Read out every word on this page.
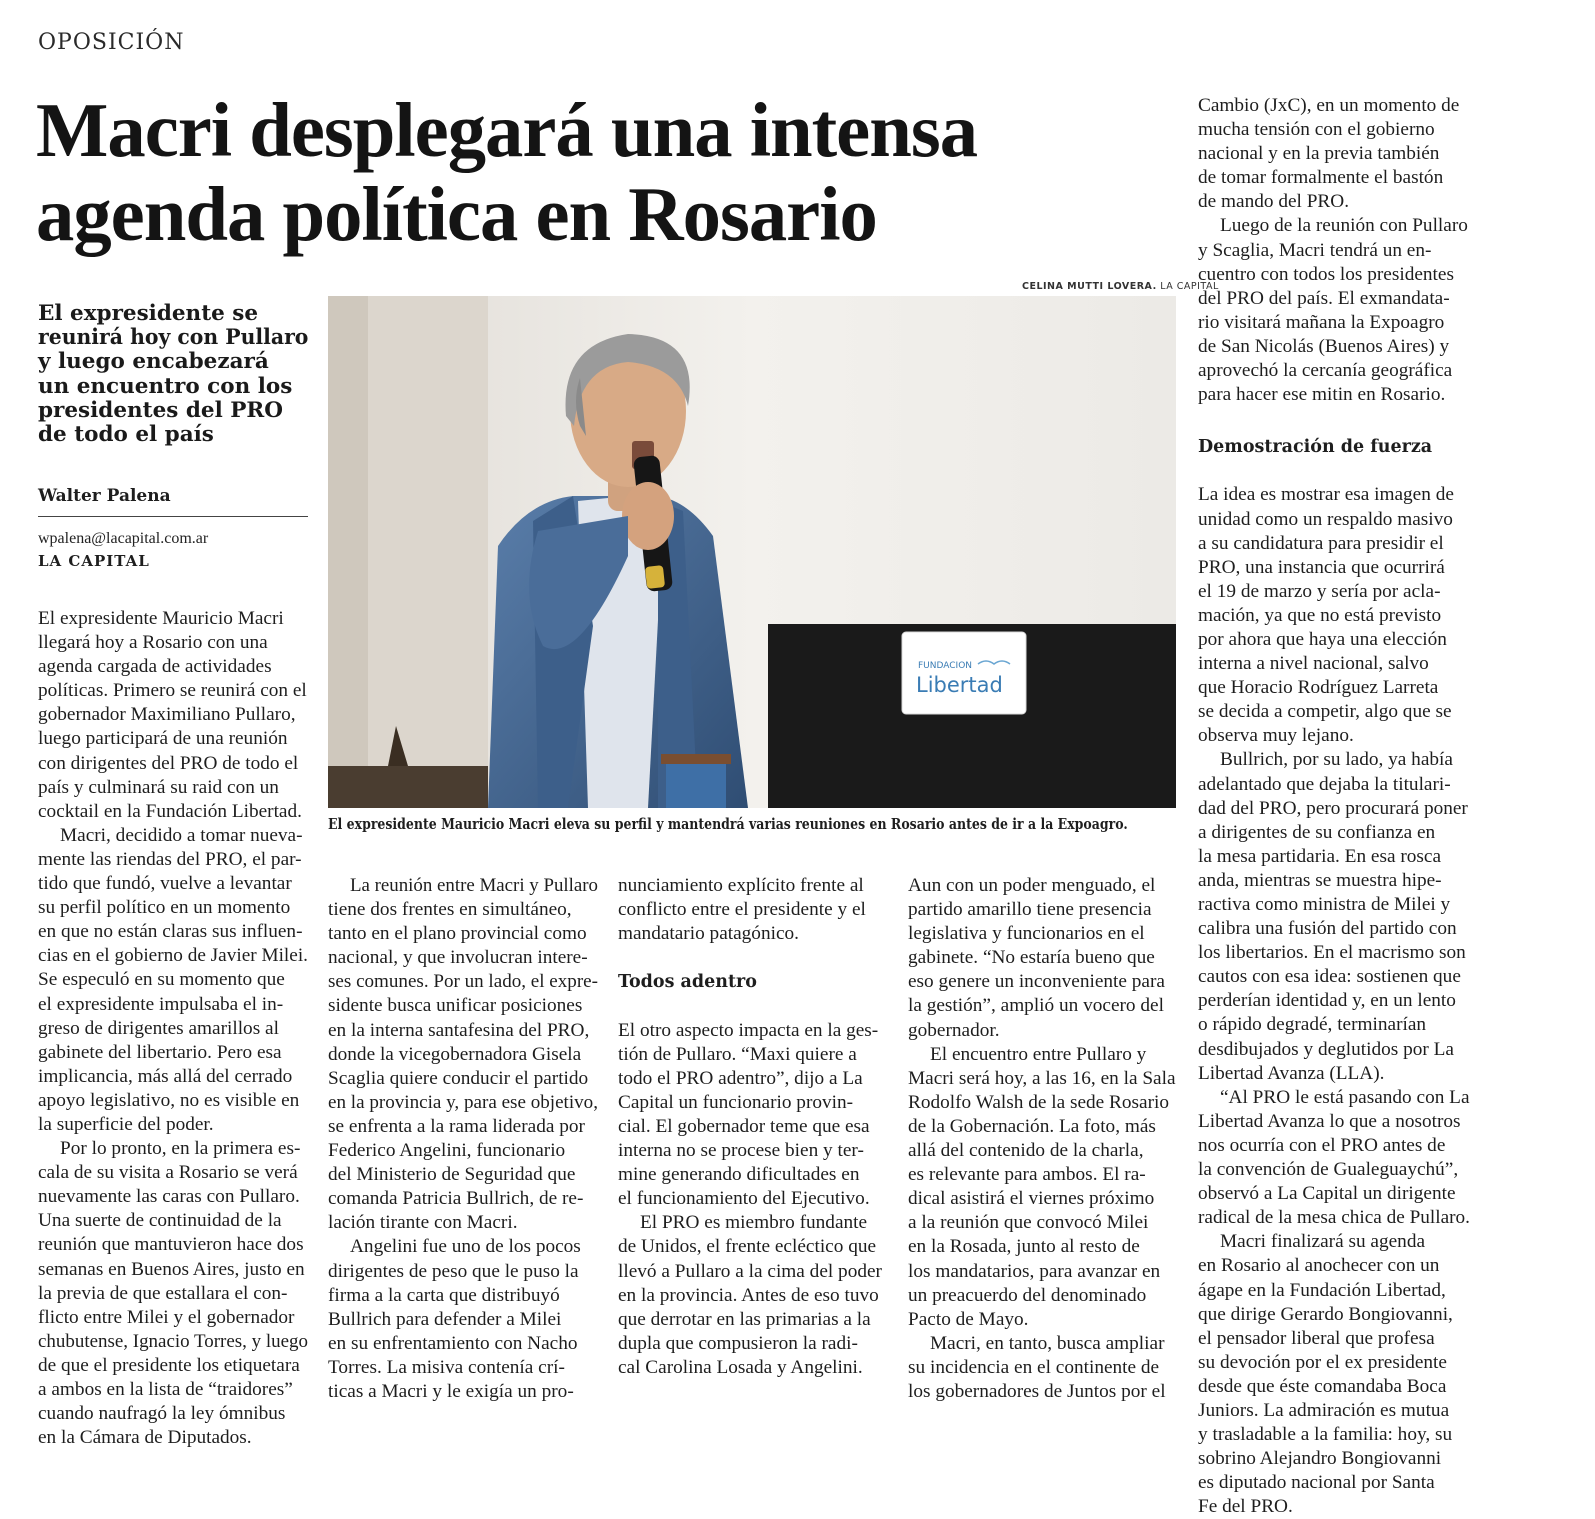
OPOSICIÓN
Macri desplegará una intensa
agenda política en Rosario
El expresidente se
reunirá hoy con Pullaro
y luego encabezará
un encuentro con los
presidentes del PRO
de todo el país
Walter Palena
wpalena@lacapital.com.ar
LA CAPITAL
CELINA MUTTI LOVERA. LA CAPITAL
FUNDACION
Libertad
El expresidente Mauricio Macri eleva su perfil y mantendrá varias reuniones en Rosario antes de ir a la Expoagro.
El expresidente Mauricio Macri
llegará hoy a Rosario con una
agenda cargada de actividades
políticas. Primero se reunirá con el
gobernador Maximiliano Pullaro,
luego participará de una reunión
con dirigentes del PRO de todo el
país y culminará su raid con un
cocktail en la Fundación Libertad.
Macri, decidido a tomar nueva-
mente las riendas del PRO, el par-
tido que fundó, vuelve a levantar
su perfil político en un momento
en que no están claras sus influen-
cias en el gobierno de Javier Milei.
Se especuló en su momento que
el expresidente impulsaba el in-
greso de dirigentes amarillos al
gabinete del libertario. Pero esa
implicancia, más allá del cerrado
apoyo legislativo, no es visible en
la superficie del poder.
Por lo pronto, en la primera es-
cala de su visita a Rosario se verá
nuevamente las caras con Pullaro.
Una suerte de continuidad de la
reunión que mantuvieron hace dos
semanas en Buenos Aires, justo en
la previa de que estallara el con-
flicto entre Milei y el gobernador
chubutense, Ignacio Torres, y luego
de que el presidente los etiquetara
a ambos en la lista de “traidores”
cuando naufragó la ley ómnibus
en la Cámara de Diputados.
La reunión entre Macri y Pullaro
tiene dos frentes en simultáneo,
tanto en el plano provincial como
nacional, y que involucran intere-
ses comunes. Por un lado, el expre-
sidente busca unificar posiciones
en la interna santafesina del PRO,
donde la vicegobernadora Gisela
Scaglia quiere conducir el partido
en la provincia y, para ese objetivo,
se enfrenta a la rama liderada por
Federico Angelini, funcionario
del Ministerio de Seguridad que
comanda Patricia Bullrich, de re-
lación tirante con Macri.
Angelini fue uno de los pocos
dirigentes de peso que le puso la
firma a la carta que distribuyó
Bullrich para defender a Milei
en su enfrentamiento con Nacho
Torres. La misiva contenía crí-
ticas a Macri y le exigía un pro-
nunciamiento explícito frente al
conflicto entre el presidente y el
mandatario patagónico.
Todos adentro
El otro aspecto impacta en la ges-
tión de Pullaro. “Maxi quiere a
todo el PRO adentro”, dijo a La
Capital un funcionario provin-
cial. El gobernador teme que esa
interna no se procese bien y ter-
mine generando dificultades en
el funcionamiento del Ejecutivo.
El PRO es miembro fundante
de Unidos, el frente ecléctico que
llevó a Pullaro a la cima del poder
en la provincia. Antes de eso tuvo
que derrotar en las primarias a la
dupla que compusieron la radi-
cal Carolina Losada y Angelini.
Aun con un poder menguado, el
partido amarillo tiene presencia
legislativa y funcionarios en el
gabinete. “No estaría bueno que
eso genere un inconveniente para
la gestión”, amplió un vocero del
gobernador.
El encuentro entre Pullaro y
Macri será hoy, a las 16, en la Sala
Rodolfo Walsh de la sede Rosario
de la Gobernación. La foto, más
allá del contenido de la charla,
es relevante para ambos. El ra-
dical asistirá el viernes próximo
a la reunión que convocó Milei
en la Rosada, junto al resto de
los mandatarios, para avanzar en
un preacuerdo del denominado
Pacto de Mayo.
Macri, en tanto, busca ampliar
su incidencia en el continente de
los gobernadores de Juntos por el
Cambio (JxC), en un momento de
mucha tensión con el gobierno
nacional y en la previa también
de tomar formalmente el bastón
de mando del PRO.
Luego de la reunión con Pullaro
y Scaglia, Macri tendrá un en-
cuentro con todos los presidentes
del PRO del país. El exmandata-
rio visitará mañana la Expoagro
de San Nicolás (Buenos Aires) y
aprovechó la cercanía geográfica
para hacer ese mitin en Rosario.
Demostración de fuerza
La idea es mostrar esa imagen de
unidad como un respaldo masivo
a su candidatura para presidir el
PRO, una instancia que ocurrirá
el 19 de marzo y sería por acla-
mación, ya que no está previsto
por ahora que haya una elección
interna a nivel nacional, salvo
que Horacio Rodríguez Larreta
se decida a competir, algo que se
observa muy lejano.
Bullrich, por su lado, ya había
adelantado que dejaba la titulari-
dad del PRO, pero procurará poner
a dirigentes de su confianza en
la mesa partidaria. En esa rosca
anda, mientras se muestra hipe-
ractiva como ministra de Milei y
calibra una fusión del partido con
los libertarios. En el macrismo son
cautos con esa idea: sostienen que
perderían identidad y, en un lento
o rápido degradé, terminarían
desdibujados y deglutidos por La
Libertad Avanza (LLA).
“Al PRO le está pasando con La
Libertad Avanza lo que a nosotros
nos ocurría con el PRO antes de
la convención de Gualeguaychú”,
observó a La Capital un dirigente
radical de la mesa chica de Pullaro.
Macri finalizará su agenda
en Rosario al anochecer con un
ágape en la Fundación Libertad,
que dirige Gerardo Bongiovanni,
el pensador liberal que profesa
su devoción por el ex presidente
desde que éste comandaba Boca
Juniors. La admiración es mutua
y trasladable a la familia: hoy, su
sobrino Alejandro Bongiovanni
es diputado nacional por Santa
Fe del PRO.
